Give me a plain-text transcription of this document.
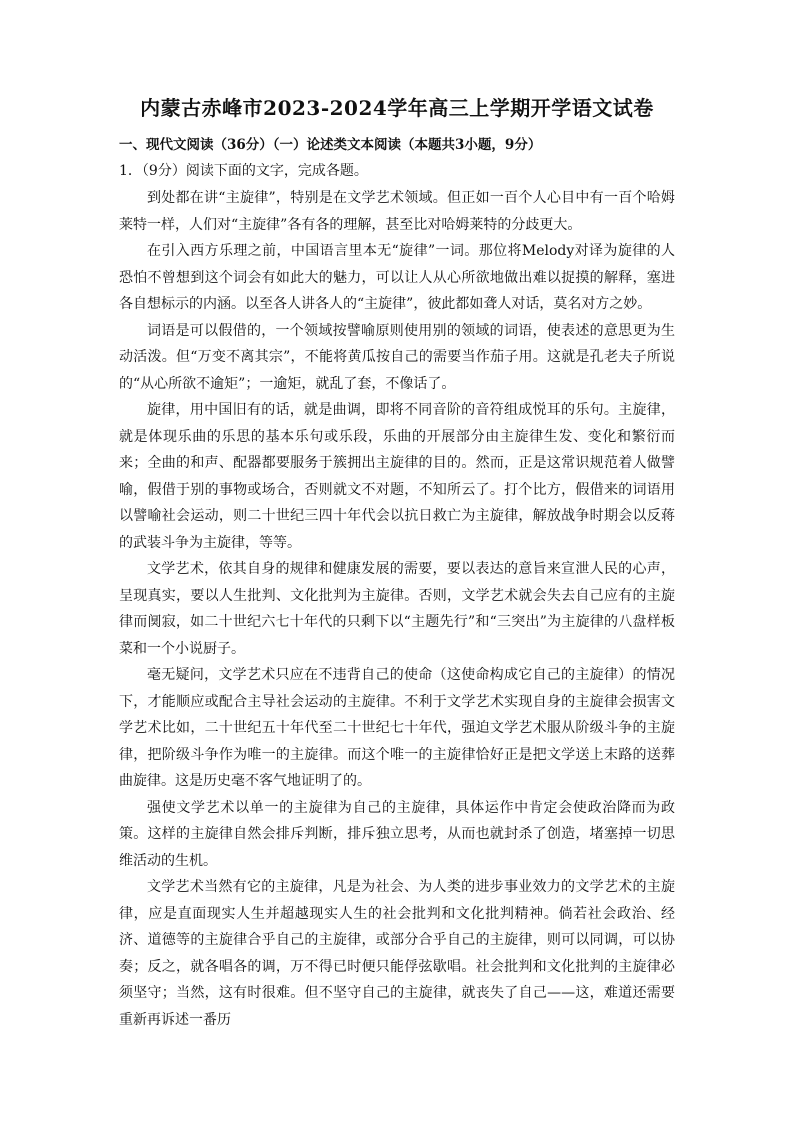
内蒙古赤峰市2023-2024学年高三上学期开学语文试卷
一、现代文阅读（36分）（一）论述类文本阅读（本题共3小题，9分）
1．（9分）阅读下面的文字，完成各题。

到处都在讲“主旋律”，特别是在文学艺术领域。但正如一百个人心目中有一百个哈姆莱特一样，人们对“主旋律”各有各的理解，甚至比对哈姆莱特的分歧更大。

在引入西方乐理之前，中国语言里本无“旋律”一词。那位将Melody对译为旋律的人恐怕不曾想到这个词会有如此大的魅力，可以让人从心所欲地做出难以捉摸的解释，塞进各自想标示的内涵。以至各人讲各人的“主旋律”，彼此都如聋人对话，莫名对方之妙。

词语是可以假借的，一个领域按譬喻原则使用别的领域的词语，使表述的意思更为生动活泼。但“万变不离其宗”，不能将黄瓜按自己的需要当作茄子用。这就是孔老夫子所说的“从心所欲不逾矩”；一逾矩，就乱了套，不像话了。

旋律，用中国旧有的话，就是曲调，即将不同音阶的音符组成悦耳的乐句。主旋律，就是体现乐曲的乐思的基本乐句或乐段，乐曲的开展部分由主旋律生发、变化和繁衍而来；全曲的和声、配器都要服务于簇拥出主旋律的目的。然而，正是这常识规范着人做譬喻，假借于别的事物或场合，否则就文不对题，不知所云了。打个比方，假借来的词语用以譬喻社会运动，则二十世纪三四十年代会以抗日救亡为主旋律，解放战争时期会以反蒋的武装斗争为主旋律，等等。

文学艺术，依其自身的规律和健康发展的需要，要以表达的意旨来宣泄人民的心声，呈现真实，要以人生批判、文化批判为主旋律。否则，文学艺术就会失去自己应有的主旋律而阒寂，如二十世纪六七十年代的只剩下以“主题先行”和“三突出”为主旋律的八盘样板菜和一个小说厨子。

毫无疑问，文学艺术只应在不违背自己的使命（这使命构成它自己的主旋律）的情况下，才能顺应或配合主导社会运动的主旋律。不利于文学艺术实现自身的主旋律会损害文学艺术比如，二十世纪五十年代至二十世纪七十年代，强迫文学艺术服从阶级斗争的主旋律，把阶级斗争作为唯一的主旋律。而这个唯一的主旋律恰好正是把文学送上末路的送葬曲旋律。这是历史毫不客气地证明了的。

强使文学艺术以单一的主旋律为自己的主旋律，具体运作中肯定会使政治降而为政策。这样的主旋律自然会排斥判断，排斥独立思考，从而也就封杀了创造，堵塞掉一切思维活动的生机。

文学艺术当然有它的主旋律，凡是为社会、为人类的进步事业效力的文学艺术的主旋律，应是直面现实人生并超越现实人生的社会批判和文化批判精神。倘若社会政治、经济、道德等的主旋律合乎自己的主旋律，或部分合乎自己的主旋律，则可以同调，可以协奏；反之，就各唱各的调，万不得已时便只能俘弦歇唱。社会批判和文化批判的主旋律必须坚守；当然，这有时很难。但不坚守自己的主旋律，就丧失了自己——这，难道还需要重新再诉述一番历
